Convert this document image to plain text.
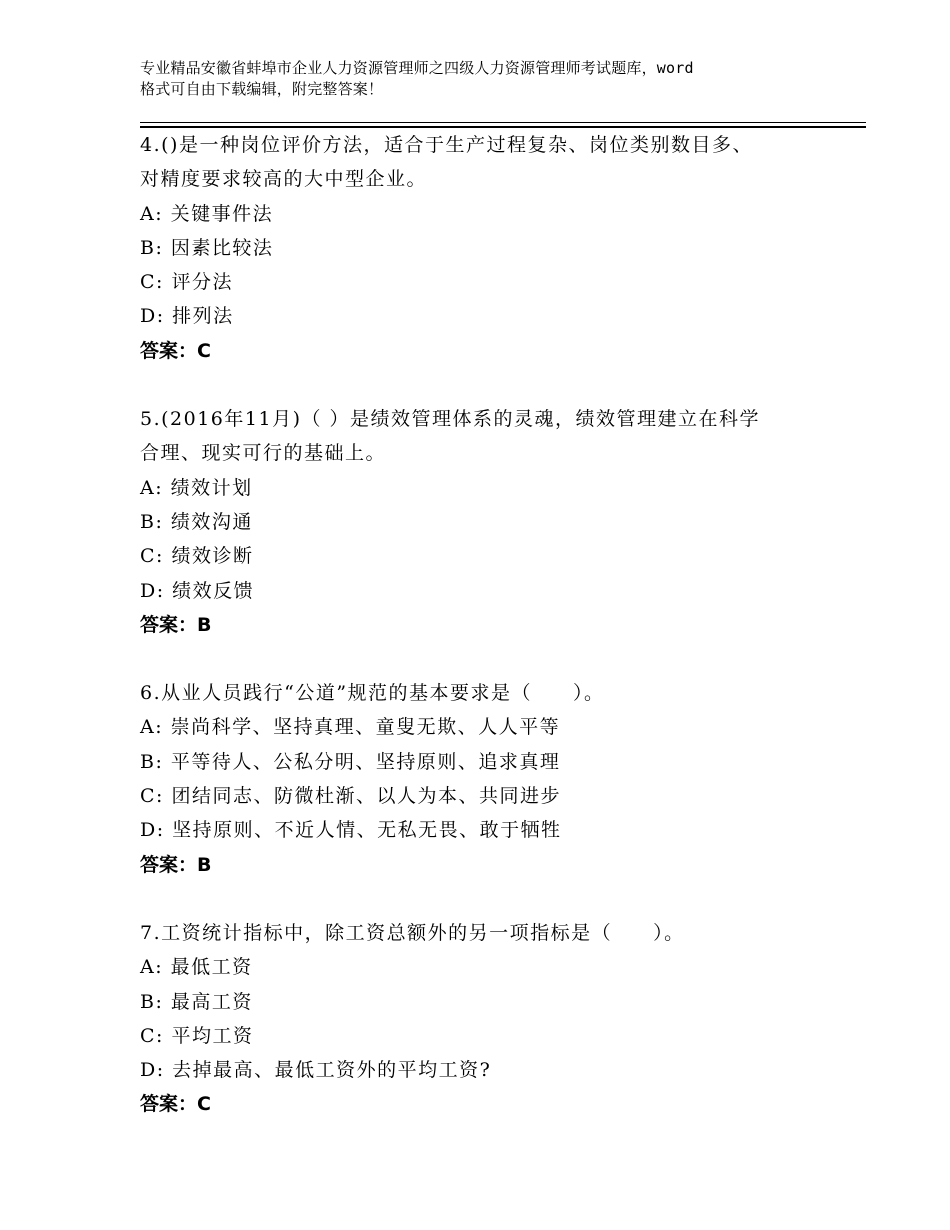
专业精品安徽省蚌埠市企业人力资源管理师之四级人力资源管理师考试题库，word
格式可自由下载编辑，附完整答案！
4.()是一种岗位评价方法，适合于生产过程复杂、岗位类别数目多、
对精度要求较高的大中型企业。
A: 关键事件法
B: 因素比较法
C: 评分法
D: 排列法
答案：C
5.(2016年11月)（ ）是绩效管理体系的灵魂，绩效管理建立在科学
合理、现实可行的基础上。
A: 绩效计划
B: 绩效沟通
C: 绩效诊断
D: 绩效反馈
答案：B
6.从业人员践行“公道”规范的基本要求是（　　）。
A: 崇尚科学、坚持真理、童叟无欺、人人平等
B: 平等待人、公私分明、坚持原则、追求真理
C: 团结同志、防微杜渐、以人为本、共同进步
D: 坚持原则、不近人情、无私无畏、敢于牺牲
答案：B
7.工资统计指标中，除工资总额外的另一项指标是（　　）。
A: 最低工资
B: 最高工资
C: 平均工资
D: 去掉最高、最低工资外的平均工资?
答案：C
